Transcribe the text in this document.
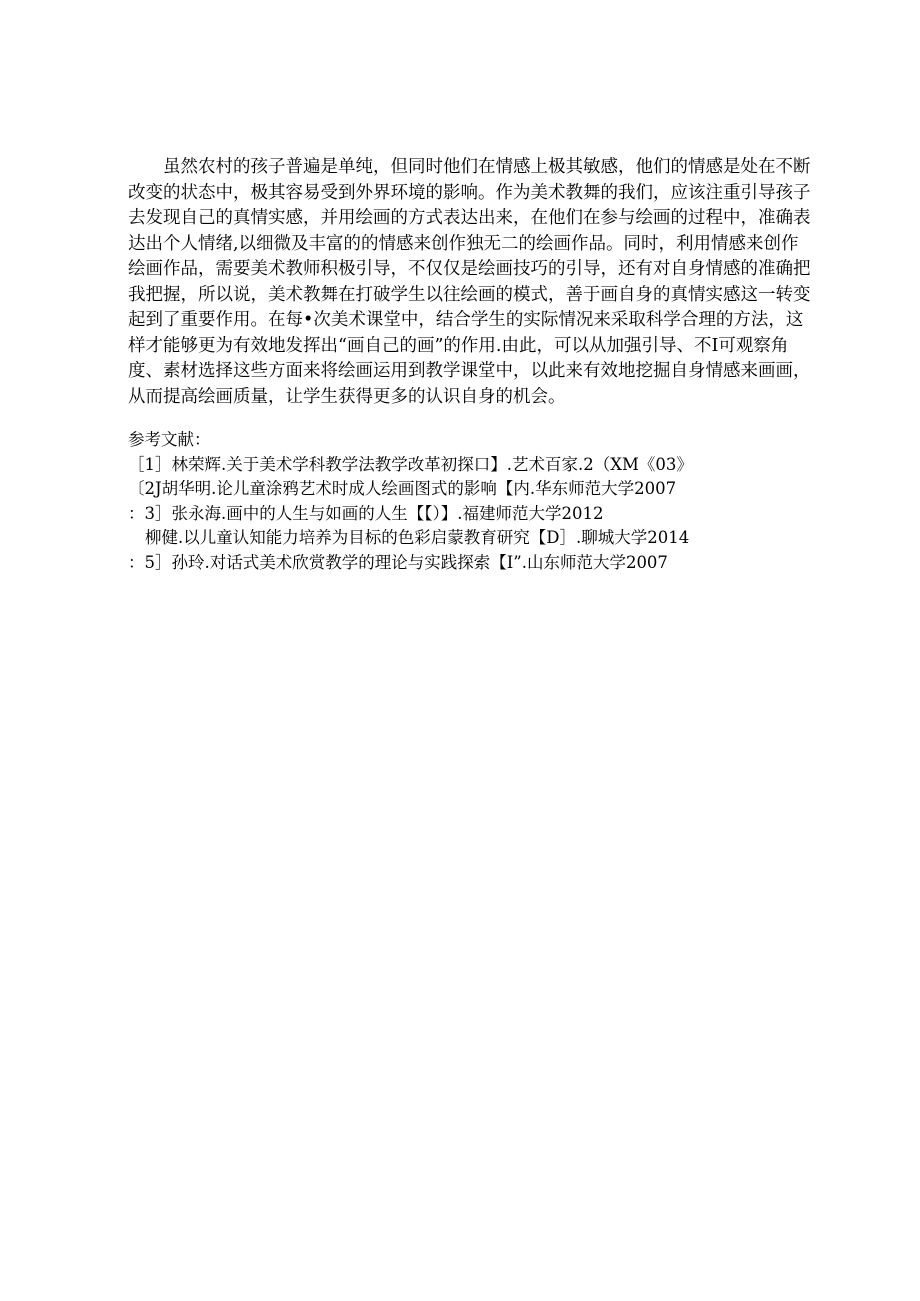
虽然农村的孩子普遍是单纯，但同时他们在情感上极其敏感，他们的情感是处在不断
改变的状态中，极其容易受到外界环境的影响。作为美术教舞的我们，应该注重引导孩子
去发现自己的真情实感，并用绘画的方式表达出来，在他们在参与绘画的过程中，准确表
达出个人情绪,以细微及丰富的的情感来创作独无二的绘画作品。同时，利用情感来创作
绘画作品，需要美术教师积极引导，不仅仅是绘画技巧的引导，还有对自身情感的准确把
我把握，所以说，美术教舞在打破学生以往绘画的模式，善于画自身的真情实感这一转变
起到了重要作用。在每•次美术课堂中，结合学生的实际情况来采取科学合理的方法，这
样才能够更为有效地发挥出“画自己的画”的作用.由此，可以从加强引导、不I可观察角
度、素材选择这些方面来将绘画运用到教学课堂中，以此来有效地挖掘自身情感来画画，
从而提高绘画质量，让学生获得更多的认识自身的机会。
参考文献：
［1］林荣辉.关于美术学科教学法教学改革初探口】.艺术百家.2（XM《03》
〔2J胡华明.论儿童涂鸦艺术时成人绘画图式的影响【内.华东师范大学2007
：3］张永海.画中的人生与如画的人生【【）】.福建师范大学2012
柳健.以儿童认知能力培养为目标的色彩启蒙教育研究【D］.聊城大学2014
：5］孙玲.对话式美术欣赏教学的理论与实践探索【I”.山东师范大学2007
